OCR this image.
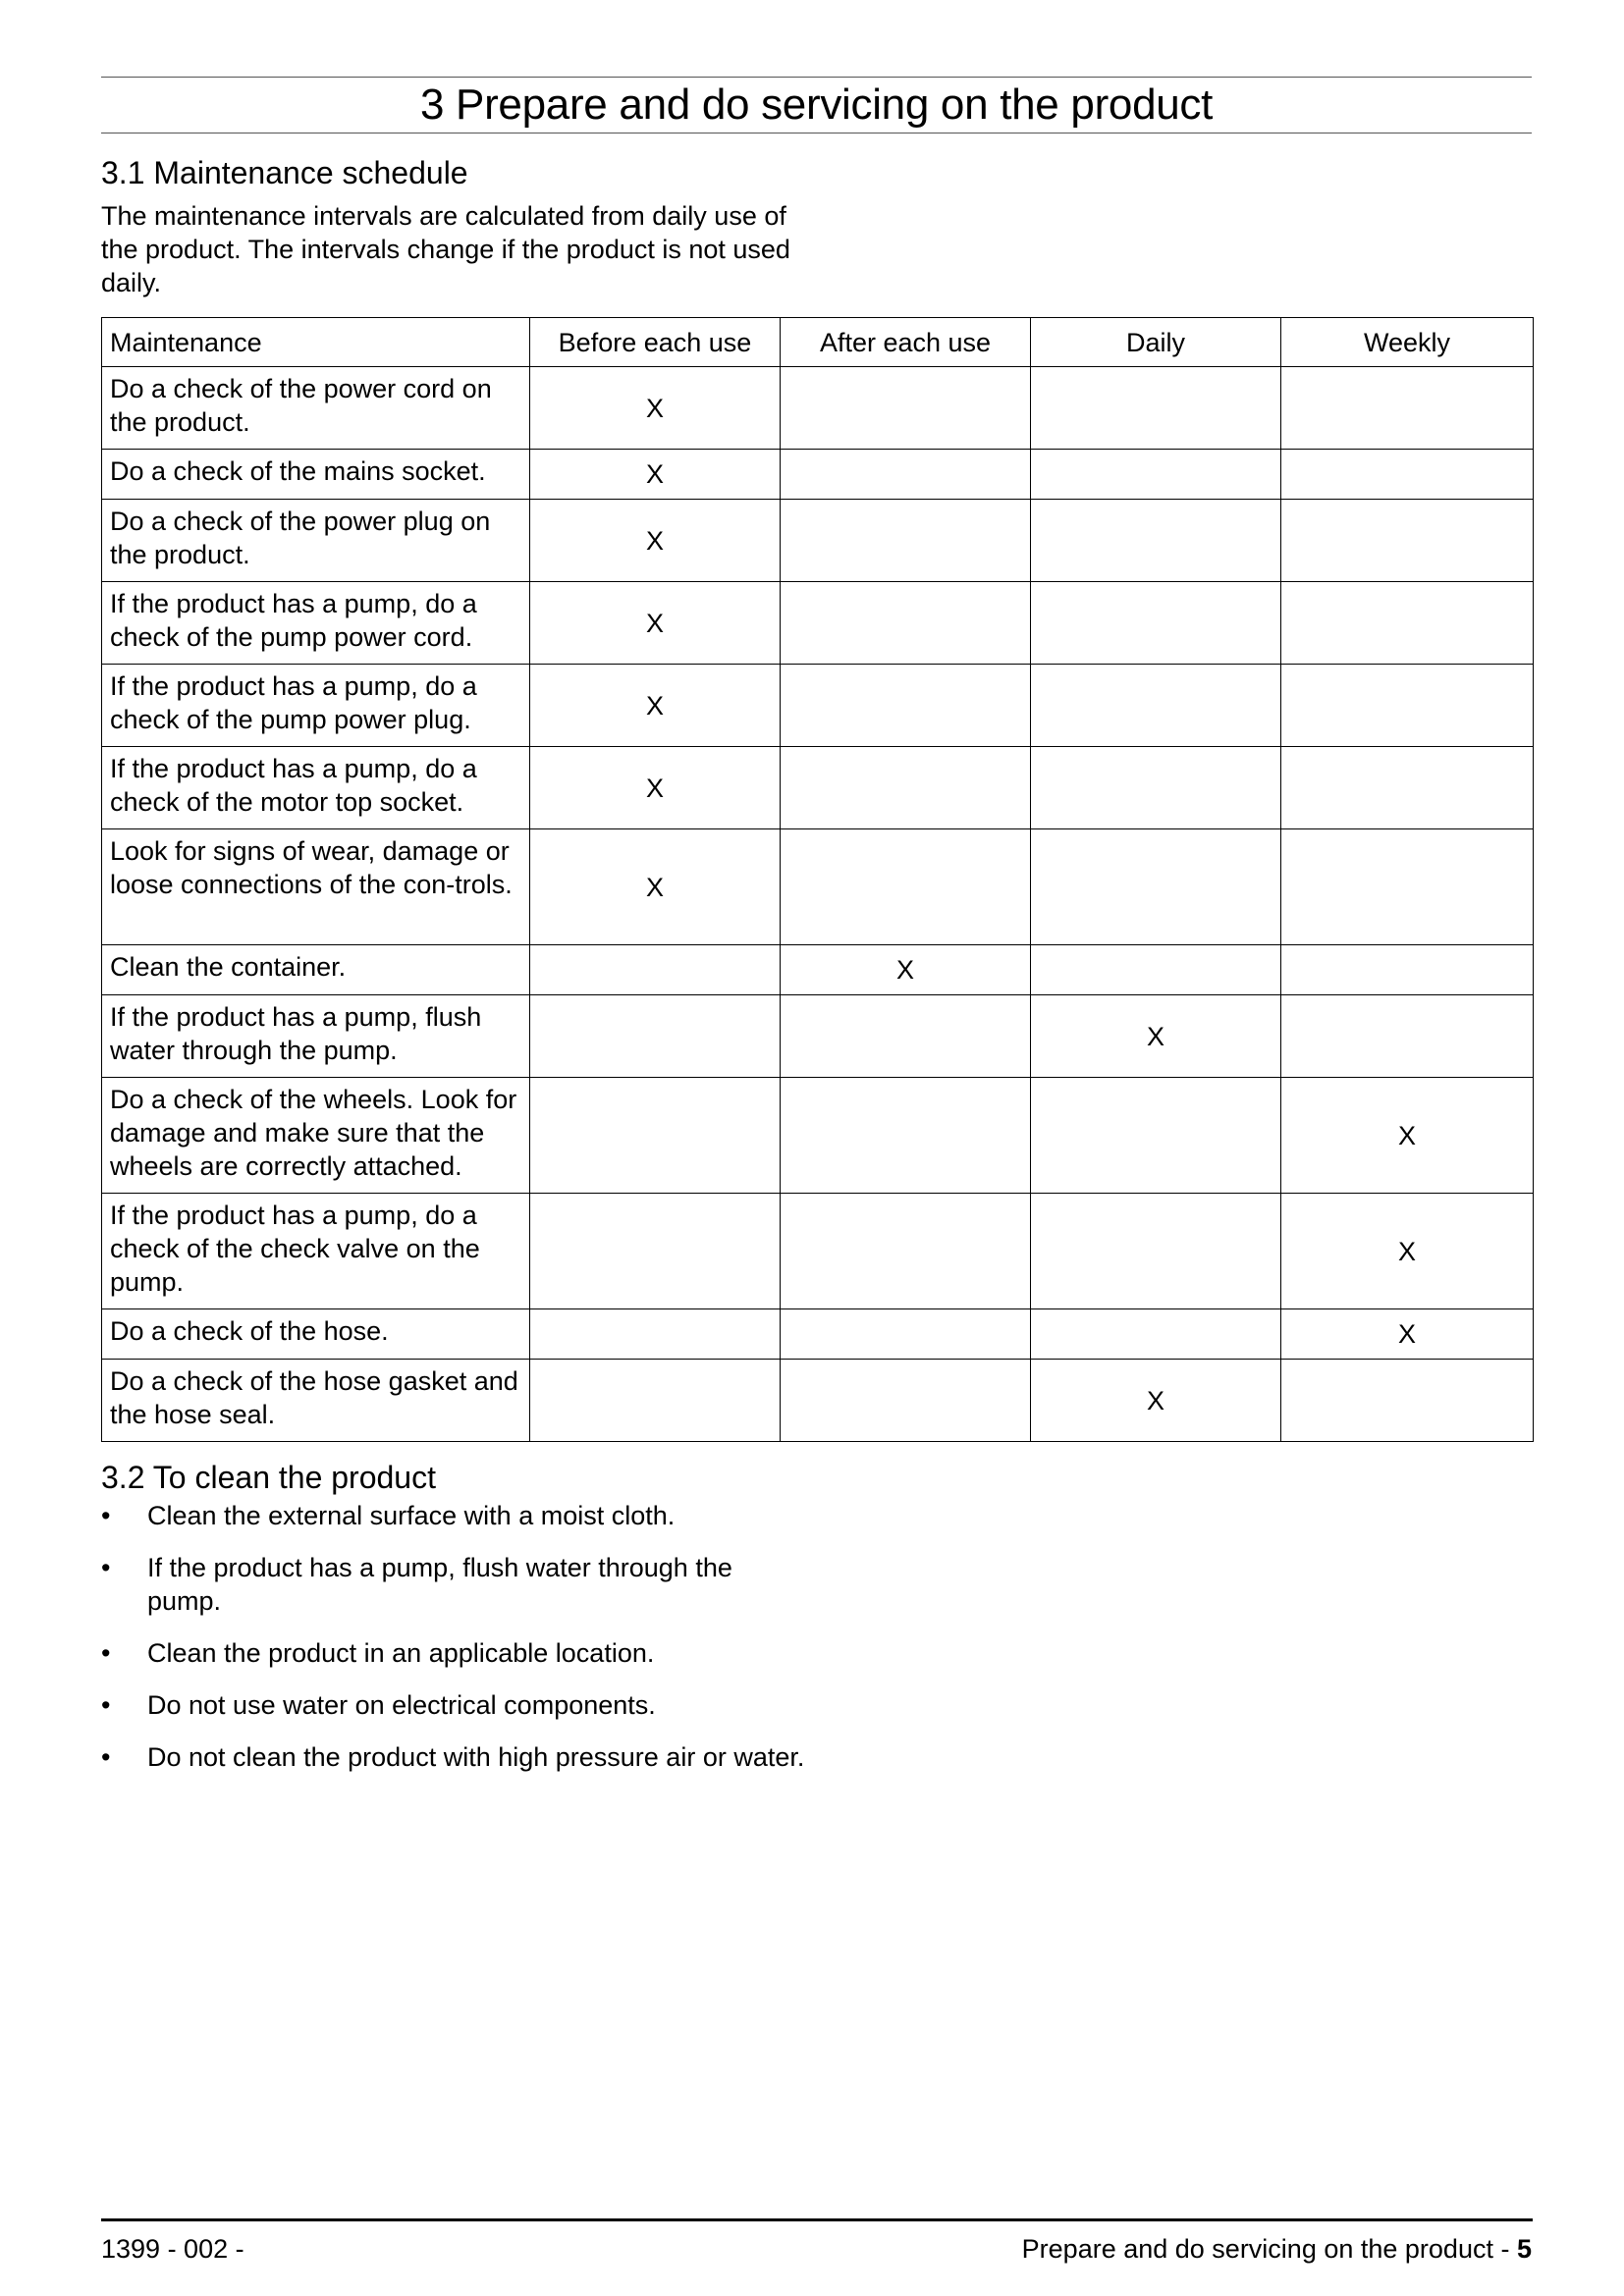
3 Prepare and do servicing on the product
3.1 Maintenance schedule
The maintenance intervals are calculated from daily use of the product. The intervals change if the product is not used daily.
Maintenance	Before each use	After each use	Daily	Weekly
Do a check of the power cord on the product.	X			
Do a check of the mains socket.	X			
Do a check of the power plug on the product.	X			
If the product has a pump, do a check of the pump power cord.	X			
If the product has a pump, do a check of the pump power plug.	X			
If the product has a pump, do a check of the motor top socket.	X			
Look for signs of wear, damage or loose connections of the con-trols.	X			
Clean the container.		X		
If the product has a pump, flush water through the pump.			X	
Do a check of the wheels. Look for damage and make sure that the wheels are correctly attached.				X
If the product has a pump, do a check of the check valve on the pump.				X
Do a check of the hose.				X
Do a check of the hose gasket and the hose seal.			X	
3.2 To clean the product
• Clean the external surface with a moist cloth.
• If the product has a pump, flush water through the pump.
• Clean the product in an applicable location.
• Do not use water on electrical components.
• Do not clean the product with high pressure air or water.
1399 - 002 -	Prepare and do servicing on the product - 5
